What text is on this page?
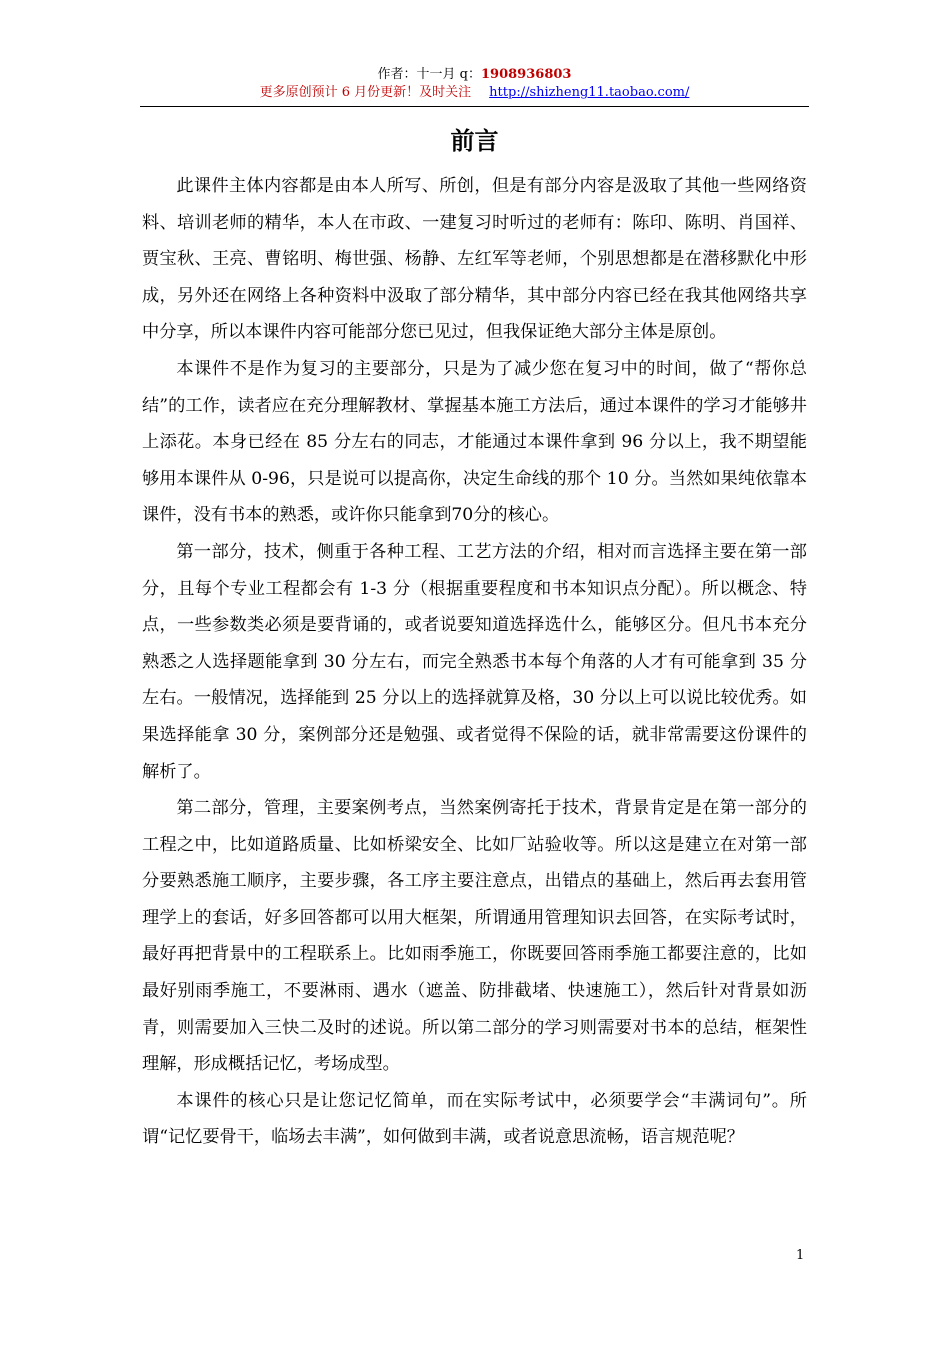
作者：十一月 q：1908936803
更多原创预计 6 月份更新！及时关注 http://shizheng11.taobao.com/
前言

此课件主体内容都是由本人所写、所创，但是有部分内容是汲取了其他一些网络资料、培训老师的精华，本人在市政、一建复习时听过的老师有：陈印、陈明、肖国祥、贾宝秋、王亮、曹铭明、梅世强、杨静、左红军等老师，个别思想都是在潜移默化中形成，另外还在网络上各种资料中汲取了部分精华，其中部分内容已经在我其他网络共享中分享，所以本课件内容可能部分您已见过，但我保证绝大部分主体是原创。

本课件不是作为复习的主要部分，只是为了减少您在复习中的时间，做了“帮你总结”的工作，读者应在充分理解教材、掌握基本施工方法后，通过本课件的学习才能够井上添花。本身已经在 85 分左右的同志，才能通过本课件拿到 96 分以上，我不期望能够用本课件从 0-96，只是说可以提高你，决定生命线的那个 10 分。当然如果纯依靠本课件，没有书本的熟悉，或许你只能拿到70分的核心。

第一部分，技术，侧重于各种工程、工艺方法的介绍，相对而言选择主要在第一部分，且每个专业工程都会有 1-3 分（根据重要程度和书本知识点分配）。所以概念、特点，一些参数类必须是要背诵的，或者说要知道选择选什么，能够区分。但凡书本充分熟悉之人选择题能拿到 30 分左右，而完全熟悉书本每个角落的人才有可能拿到 35 分左右。一般情况，选择能到 25 分以上的选择就算及格，30 分以上可以说比较优秀。如果选择能拿 30 分，案例部分还是勉强、或者觉得不保险的话，就非常需要这份课件的解析了。

第二部分，管理，主要案例考点，当然案例寄托于技术，背景肯定是在第一部分的工程之中，比如道路质量、比如桥梁安全、比如厂站验收等。所以这是建立在对第一部分要熟悉施工顺序，主要步骤，各工序主要注意点，出错点的基础上，然后再去套用管理学上的套话，好多回答都可以用大框架，所谓通用管理知识去回答，在实际考试时，最好再把背景中的工程联系上。比如雨季施工，你既要回答雨季施工都要注意的，比如最好别雨季施工，不要淋雨、遇水（遮盖、防排截堵、快速施工），然后针对背景如沥青，则需要加入三快二及时的述说。所以第二部分的学习则需要对书本的总结，框架性理解，形成概括记忆，考场成型。

本课件的核心只是让您记忆简单，而在实际考试中，必须要学会“丰满词句”。所谓“记忆要骨干，临场去丰满”，如何做到丰满，或者说意思流畅，语言规范呢？

1
